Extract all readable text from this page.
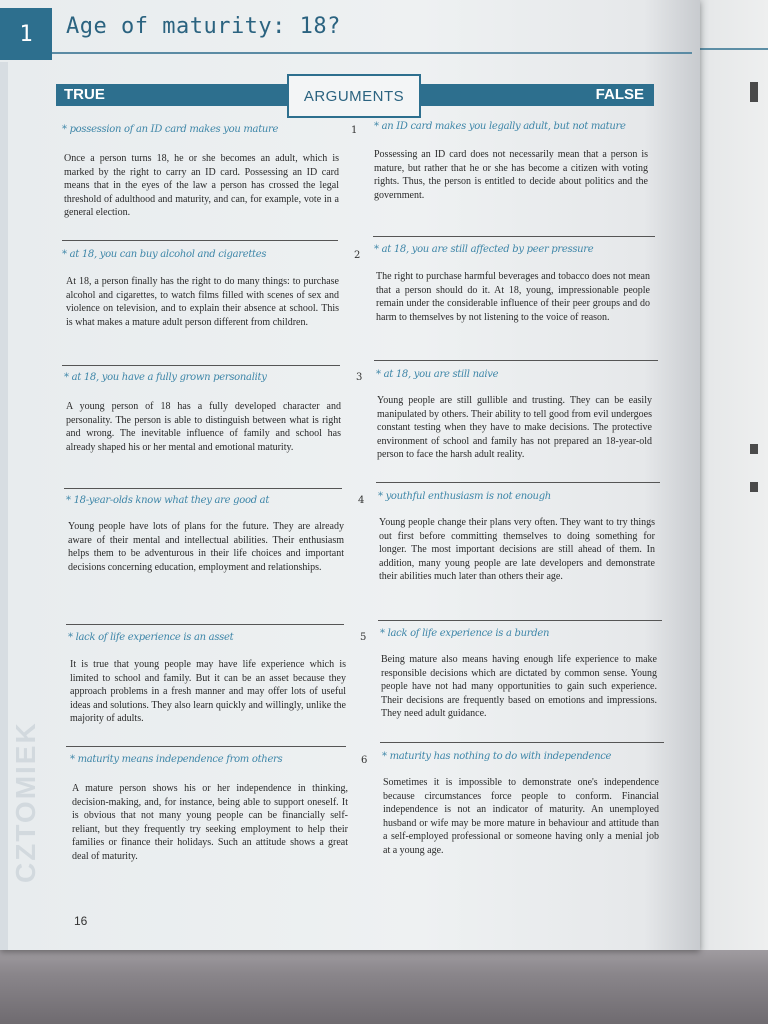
CZTOMIEK
1	Age of maturity: 18?
TRUE	FALSE
ARGUMENTS
* possession of an ID card makes you mature	1 * an ID card makes you legally adult, but not mature

Once a person turns 18, he or she becomes an adult, which is marked by the right to carry an ID card. Possessing an ID card means that in the eyes of the law a person has crossed the legal threshold of adulthood and maturity, and can, for example, vote in a general election.

Possessing an ID card does not necessarily mean that a person is mature, but rather that he or she has become a citizen with voting rights. Thus, the person is entitled to decide about politics and the government.

* at 18, you can buy alcohol and cigarettes	2
* at 18, you are still affected by peer pressure

At 18, a person finally has the right to do many things: to purchase alcohol and cigarettes, to watch films filled with scenes of sex and violence on television, and to explain their absence at school. This is what makes a mature adult person different from children.

The right to purchase harmful beverages and tobacco does not mean that a person should do it. At 18, young, impressionable people remain under the considerable influence of their peer groups and do harm to themselves by not listening to the voice of reason.

* at 18, you have a fully grown personality	3 * at 18, you are still naive

A young person of 18 has a fully developed character and personality. The person is able to distinguish between what is right and wrong. The inevitable influence of family and school has already shaped his or her mental and emotional maturity.

Young people are still gullible and trusting. They can be easily manipulated by others. Their ability to tell good from evil undergoes constant testing when they have to make decisions. The protective environment of school and family has not prepared an 18-year-old person to face the harsh adult reality.

* 18-year-olds know what they are good at	4 * youthful enthusiasm is not enough

Young people have lots of plans for the future. They are already aware of their mental and intellectual abilities. Their enthusiasm helps them to be adventurous in their life choices and important decisions concerning education, employment and relationships.

Young people change their plans very often. They want to try things out first before committing themselves to doing something for longer. The most important decisions are still ahead of them. In addition, many young people are late developers and demonstrate their abilities much later than others their age.

* lack of life experience is an asset	5 * lack of life experience is a burden

It is true that young people may have life experience which is limited to school and family. But it can be an asset because they approach problems in a fresh manner and may offer lots of useful ideas and solutions. They also learn quickly and willingly, unlike the majority of adults.

Being mature also means having enough life experience to make responsible decisions which are dictated by common sense. Young people have not had many opportunities to gain such experience. Their decisions are frequently based on emotions and impressions. They need adult guidance.

* maturity means independence from others	6 * maturity has nothing to do with independence

A mature person shows his or her independence in thinking, decision-making, and, for instance, being able to support oneself. It is obvious that not many young people can be financially self-reliant, but they frequently try seeking employment to help their families or finance their holidays. Such an attitude shows a great deal of maturity.

Sometimes it is impossible to demonstrate one's independence because circumstances force people to conform. Financial independence is not an indicator of maturity. An unemployed husband or wife may be more mature in behaviour and attitude than a self-employed professional or someone having only a menial job at a young age.

16
